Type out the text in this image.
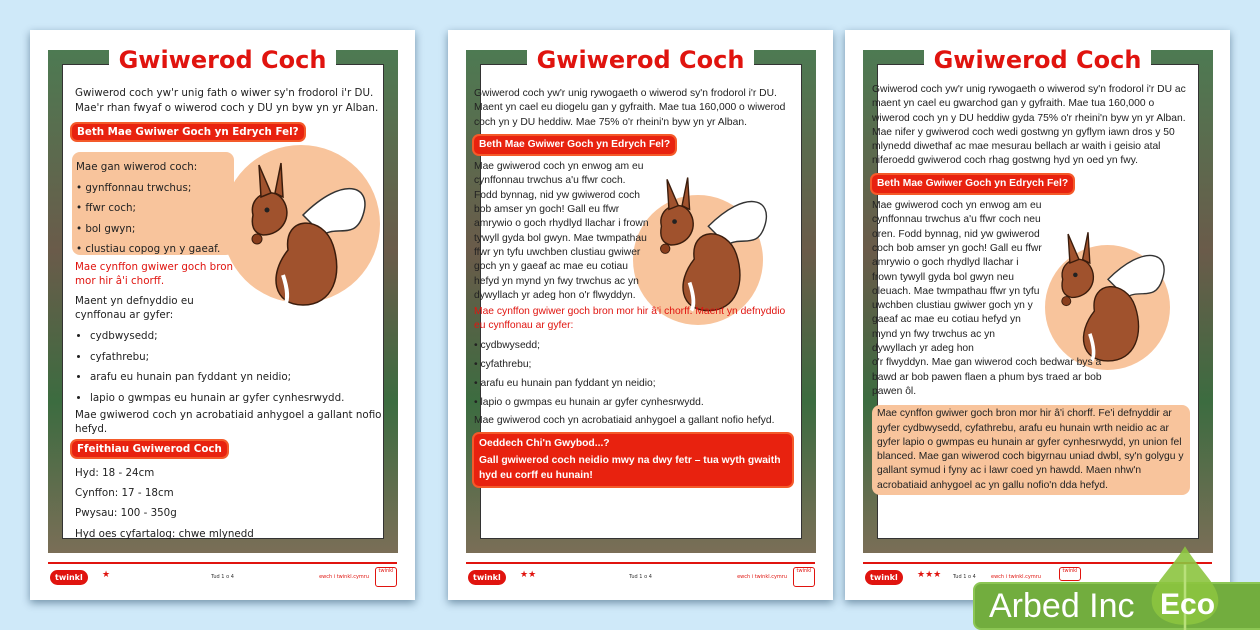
Gwiwerod Coch
Gwiwerod coch yw'r unig fath o wiwer sy'n frodorol i'r DU. Mae'r rhan fwyaf o wiwerod coch y DU yn byw yn yr Alban.
Beth Mae Gwiwer Goch yn Edrych Fel?
Mae gan wiwerod coch:
• gynffonnau trwchus;
• ffwr coch;
• bol gwyn;
• clustiau copog yn y gaeaf.
Mae cynffon gwiwer goch bron mor hir â'i chorff.
Maent yn defnyddio eu cynffonau ar gyfer:
• cydbwysedd;
• cyfathrebu;
• arafu eu hunain pan fyddant yn neidio;
• lapio o gwmpas eu hunain ar gyfer cynhesrwydd.
Mae gwiwerod coch yn acrobatiaid anhygoel a gallant nofio hefyd.
Ffeithiau Gwiwerod Coch
Hyd: 18 - 24cm
Cynffon: 17 - 18cm
Pwysau: 100 - 350g
Hyd oes cyfartalog: chwe mlynedd
twinkl	★	Tud 1 o 4	ewch i twinkl.cymru
twinkl
Gwiwerod Coch
Gwiwerod coch yw'r unig rywogaeth o wiwerod sy'n frodorol i'r DU. Maent yn cael eu diogelu gan y gyfraith. Mae tua 160,000 o wiwerod coch yn y DU heddiw. Mae 75% o'r rheini'n byw yn yr Alban.
Beth Mae Gwiwer Goch yn Edrych Fel?
Mae gwiwerod coch yn enwog am eu cynffonnau trwchus a'u ffwr coch. Fodd bynnag, nid yw gwiwerod coch bob amser yn goch! Gall eu ffwr amrywio o goch rhydlyd llachar i frown tywyll gyda bol gwyn. Mae twmpathau ffwr yn tyfu uwchben clustiau gwiwer goch yn y gaeaf ac mae eu cotiau hefyd yn mynd yn fwy trwchus ac yn dywyllach yr adeg hon o'r flwyddyn.
Mae cynffon gwiwer goch bron mor hir â'i chorff. Maent yn defnyddio eu cynffonau ar gyfer:
• cydbwysedd;
• cyfathrebu;
• arafu eu hunain pan fyddant yn neidio;
• lapio o gwmpas eu hunain ar gyfer cynhesrwydd.
Mae gwiwerod coch yn acrobatiaid anhygoel a gallant nofio hefyd.
Oeddech Chi'n Gwybod...?
Gall gwiwerod coch neidio mwy na dwy fetr – tua wyth gwaith hyd eu corff eu hunain!
twinkl	★★	Tud 1 o 4	ewch i twinkl.cymru
twinkl
Gwiwerod Coch
Gwiwerod coch yw'r unig rywogaeth o wiwerod sy'n frodorol i'r DU ac maent yn cael eu gwarchod gan y gyfraith. Mae tua 160,000 o wiwerod coch yn y DU heddiw gyda 75% o'r rheini'n byw yn yr Alban. Mae nifer y gwiwerod coch wedi gostwng yn gyflym iawn dros y 50 mlynedd diwethaf ac mae mesurau bellach ar waith i geisio atal niferoedd gwiwerod coch rhag gostwng hyd yn oed yn fwy.
Beth Mae Gwiwer Goch yn Edrych Fel?
Mae gwiwerod coch yn enwog am eu cynffonnau trwchus a'u ffwr coch neu oren. Fodd bynnag, nid yw gwiwerod coch bob amser yn goch! Gall eu ffwr amrywio o goch rhydlyd llachar i frown tywyll gyda bol gwyn neu oleuach. Mae twmpathau ffwr yn tyfu uwchben clustiau gwiwer goch yn y gaeaf ac mae eu cotiau hefyd yn mynd yn fwy trwchus ac yn dywyllach yr adeg hon
o'r flwyddyn. Mae gan wiwerod coch bedwar bys a bawd ar bob pawen flaen a phum bys traed ar bob pawen ôl.
Mae cynffon gwiwer goch bron mor hir â'i chorff. Fe'i defnyddir ar gyfer cydbwysedd, cyfathrebu, arafu eu hunain wrth neidio ac ar gyfer lapio o gwmpas eu hunain ar gyfer cynhesrwydd, yn union fel blanced. Mae gan wiwerod coch bigyrnau uniad dwbl, sy'n golygu y gallant symud i fyny ac i lawr coed yn hawdd. Maen nhw'n acrobatiaid anhygoel ac yn gallu nofio'n dda hefyd.
twinkl	★★★ Tud 1 o 4	ewch i twinkl.cymru
twinkl
Arbed Inc Eco
